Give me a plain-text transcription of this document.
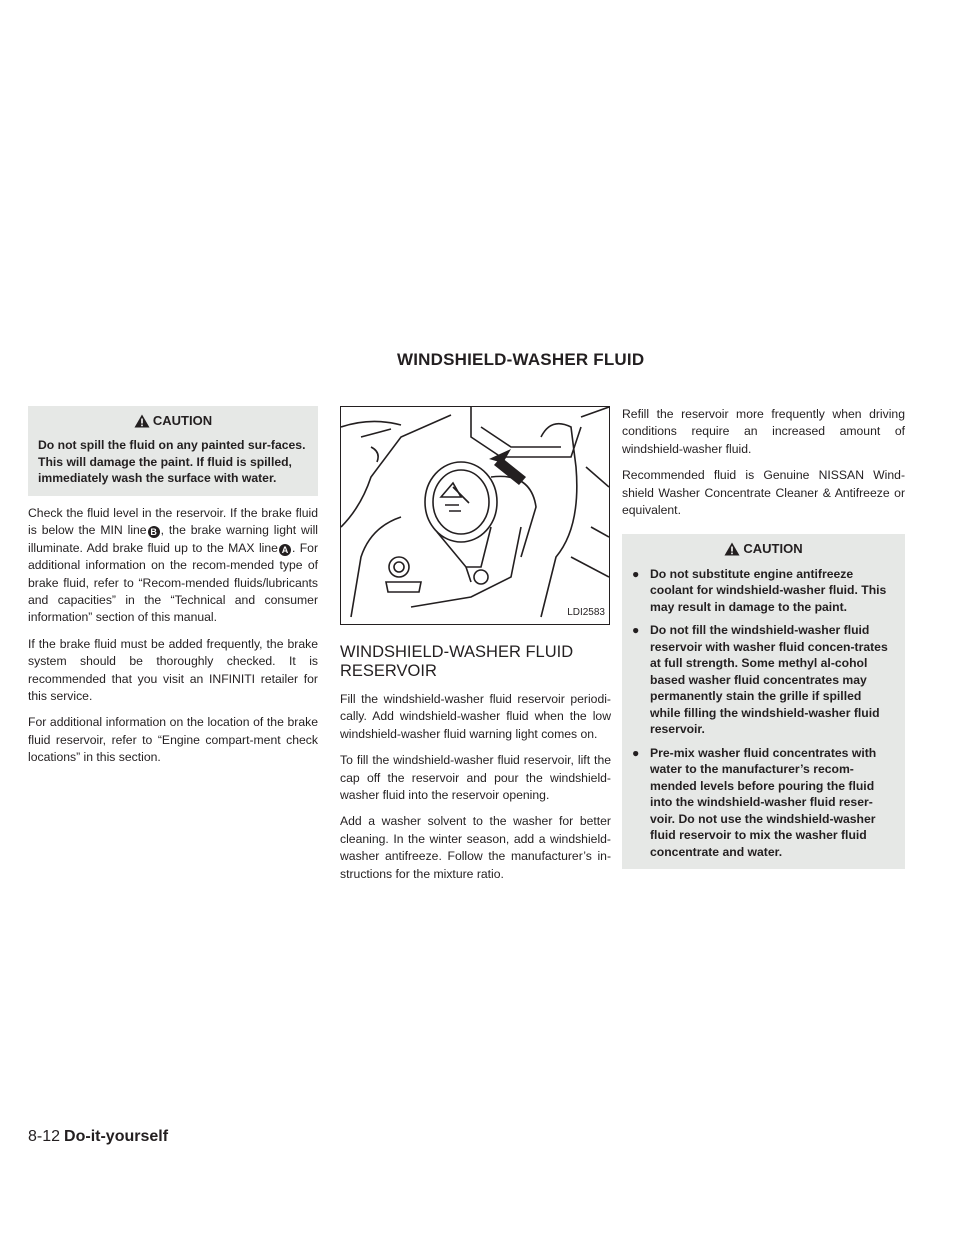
WINDSHIELD-WASHER FLUID
CAUTION
Do not spill the fluid on any painted sur-faces. This will damage the paint. If fluid is spilled, immediately wash the surface with water.

Check the fluid level in the reservoir. If the brake fluid is below the MIN line B , the brake warning light will illuminate. Add brake fluid up to the MAX line A . For additional information on the recom-mended type of brake fluid, refer to “Recom-mended fluids/lubricants and capacities” in the “Technical and consumer information” section of this manual.

If the brake fluid must be added frequently, the brake system should be thoroughly checked. It is recommended that you visit an INFINITI retailer for this service.

For additional information on the location of the brake fluid reservoir, refer to “Engine compart-ment check locations” in this section.

LDI2583
WINDSHIELD-WASHER FLUID RESERVOIR

Fill the windshield-washer fluid reservoir periodi-cally. Add windshield-washer fluid when the low windshield-washer fluid warning light comes on.

To fill the windshield-washer fluid reservoir, lift the cap off the reservoir and pour the windshield-washer fluid into the reservoir opening.

Add a washer solvent to the washer for better cleaning. In the winter season, add a windshield-washer antifreeze. Follow the manufacturer’s in-structions for the mixture ratio.

Refill the reservoir more frequently when driving conditions require an increased amount of windshield-washer fluid.

Recommended fluid is Genuine NISSAN Wind-shield Washer Concentrate Cleaner & Antifreeze or equivalent.

CAUTION
● Do not substitute engine antifreeze coolant for windshield-washer fluid. This may result in damage to the paint.
● Do not fill the windshield-washer fluid reservoir with washer fluid concen-trates at full strength. Some methyl al-cohol based washer fluid concentrates may permanently stain the grille if spilled while filling the windshield-washer fluid reservoir.
● Pre-mix washer fluid concentrates with water to the manufacturer’s recom-mended levels before pouring the fluid into the windshield-washer fluid reser-voir. Do not use the windshield-washer fluid reservoir to mix the washer fluid concentrate and water.
8-12 Do-it-yourself
